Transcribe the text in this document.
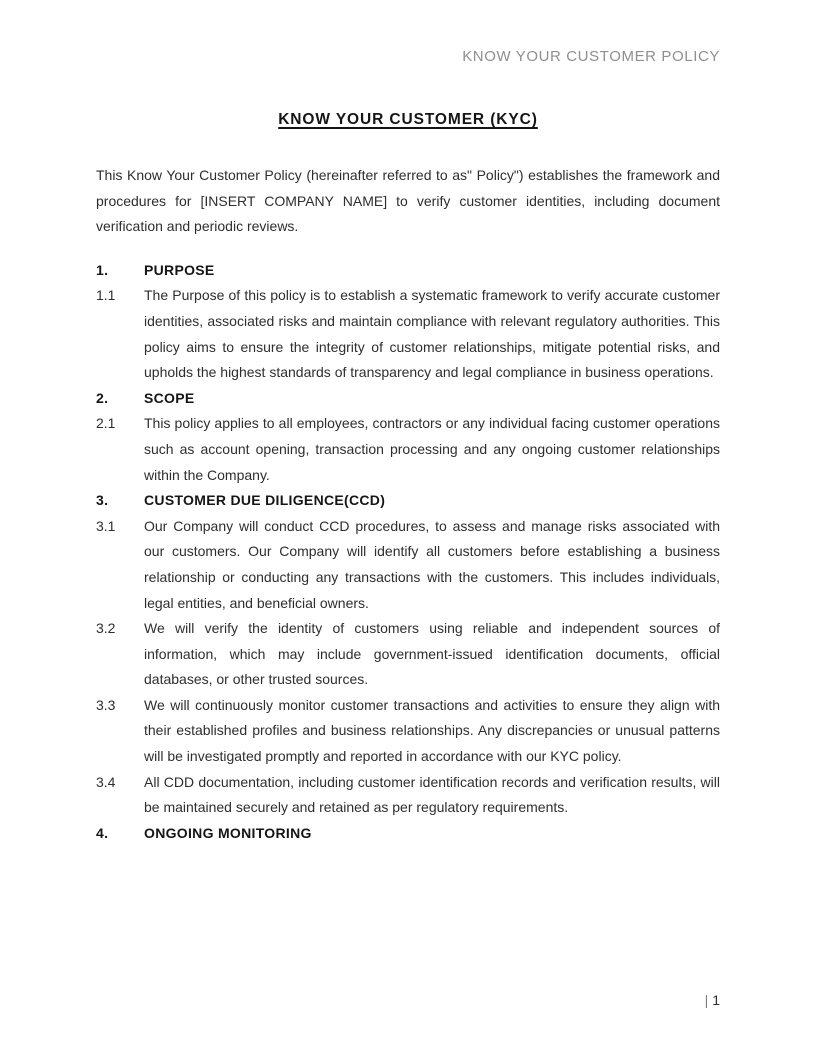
KNOW YOUR CUSTOMER POLICY
KNOW YOUR CUSTOMER (KYC)

This Know Your Customer Policy (hereinafter referred to as" Policy") establishes the framework and procedures for [INSERT COMPANY NAME] to verify customer identities, including document verification and periodic reviews.

1.	PURPOSE
1.1	The Purpose of this policy is to establish a systematic framework to verify accurate customer identities, associated risks and maintain compliance with relevant regulatory authorities. This policy aims to ensure the integrity of customer relationships, mitigate potential risks, and upholds the highest standards of transparency and legal compliance in business operations.
2.	SCOPE
2.1	This policy applies to all employees, contractors or any individual facing customer operations such as account opening, transaction processing and any ongoing customer relationships within the Company.
3.	CUSTOMER DUE DILIGENCE(CCD)
3.1	Our Company will conduct CCD procedures, to assess and manage risks associated with our customers. Our Company will identify all customers before establishing a business relationship or conducting any transactions with the customers. This includes individuals, legal entities, and beneficial owners.
3.2	We will verify the identity of customers using reliable and independent sources of information, which may include government-issued identification documents, official databases, or other trusted sources.
3.3	We will continuously monitor customer transactions and activities to ensure they align with their established profiles and business relationships. Any discrepancies or unusual patterns will be investigated promptly and reported in accordance with our KYC policy.
3.4	All CDD documentation, including customer identification records and verification results, will be maintained securely and retained as per regulatory requirements.
4.	ONGOING MONITORING
| 1
